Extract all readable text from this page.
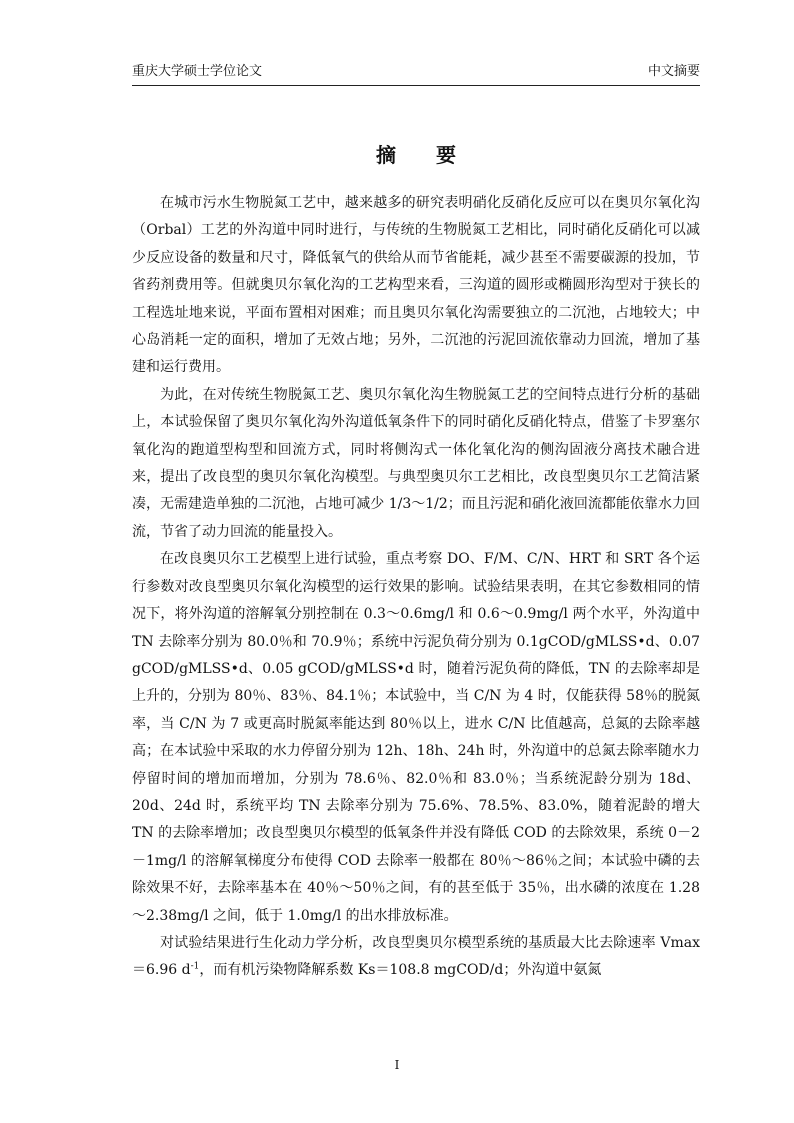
重庆大学硕士学位论文	中文摘要
摘要

在城市污水生物脱氮工艺中，越来越多的研究表明硝化反硝化反应可以在奥贝尔氧化沟（Orbal）工艺的外沟道中同时进行，与传统的生物脱氮工艺相比，同时硝化反硝化可以减少反应设备的数量和尺寸，降低氧气的供给从而节省能耗，减少甚至不需要碳源的投加，节省药剂费用等。但就奥贝尔氧化沟的工艺构型来看，三沟道的圆形或椭圆形沟型对于狭长的工程选址地来说，平面布置相对困难；而且奥贝尔氧化沟需要独立的二沉池，占地较大；中心岛消耗一定的面积，增加了无效占地；另外，二沉池的污泥回流依靠动力回流，增加了基建和运行费用。

为此，在对传统生物脱氮工艺、奥贝尔氧化沟生物脱氮工艺的空间特点进行分析的基础上，本试验保留了奥贝尔氧化沟外沟道低氧条件下的同时硝化反硝化特点，借鉴了卡罗塞尔氧化沟的跑道型构型和回流方式，同时将侧沟式一体化氧化沟的侧沟固液分离技术融合进来，提出了改良型的奥贝尔氧化沟模型。与典型奥贝尔工艺相比，改良型奥贝尔工艺简洁紧凑，无需建造单独的二沉池，占地可减少 1/3～1/2；而且污泥和硝化液回流都能依靠水力回流，节省了动力回流的能量投入。

在改良奥贝尔工艺模型上进行试验，重点考察 DO、F/M、C/N、HRT 和 SRT 各个运行参数对改良型奥贝尔氧化沟模型的运行效果的影响。试验结果表明，在其它参数相同的情况下，将外沟道的溶解氧分别控制在 0.3～0.6mg/l 和 0.6～0.9mg/l 两个水平，外沟道中 TN 去除率分别为 80.0％和 70.9％；系统中污泥负荷分别为 0.1gCOD/gMLSS•d、0.07 gCOD/gMLSS•d、0.05 gCOD/gMLSS•d 时，随着污泥负荷的降低，TN 的去除率却是上升的，分别为 80％、83％、84.1％；本试验中，当 C/N 为 4 时，仅能获得 58％的脱氮率，当 C/N 为 7 或更高时脱氮率能达到 80％以上，进水 C/N 比值越高，总氮的去除率越高；在本试验中采取的水力停留分别为 12h、18h、24h 时，外沟道中的总氮去除率随水力停留时间的增加而增加，分别为 78.6％、82.0％和 83.0％；当系统泥龄分别为 18d、20d、24d 时，系统平均 TN 去除率分别为 75.6%、78.5%、83.0%，随着泥龄的增大 TN 的去除率增加；改良型奥贝尔模型的低氧条件并没有降低 COD 的去除效果，系统 0－2－1mg/l 的溶解氧梯度分布使得 COD 去除率一般都在 80％～86％之间；本试验中磷的去除效果不好，去除率基本在 40％～50％之间，有的甚至低于 35％，出水磷的浓度在 1.28～2.38mg/l 之间，低于 1.0mg/l 的出水排放标准。

对试验结果进行生化动力学分析，改良型奥贝尔模型系统的基质最大比去除速率 Vmax＝6.96 $d^{-1}$，而有机污染物降解系数 Ks＝108.8 mgCOD/d；外沟道中氨氮

I
